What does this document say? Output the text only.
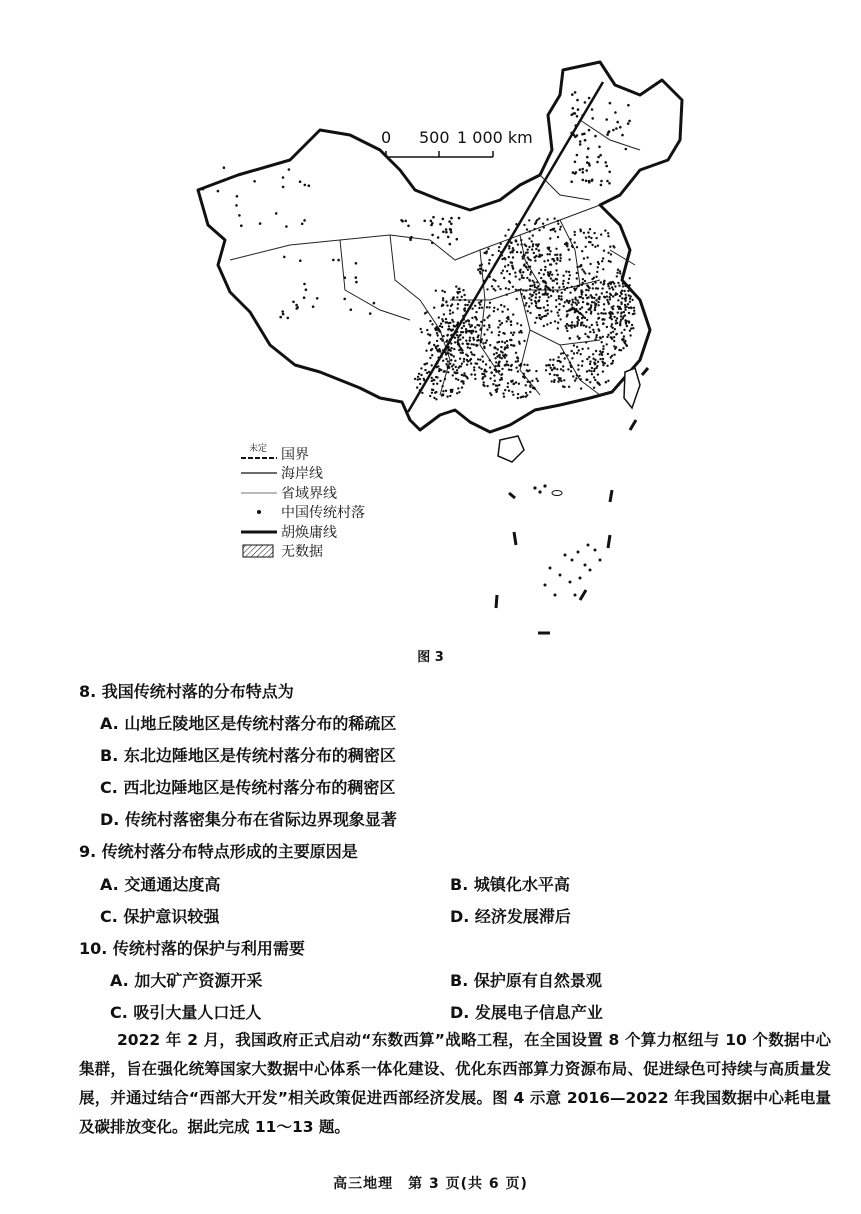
0 500 1 000 km
未定 国界
海岸线
省域界线
中国传统村落
胡焕庸线
无数据
图 3
8. 我国传统村落的分布特点为
A. 山地丘陵地区是传统村落分布的稀疏区
B. 东北边陲地区是传统村落分布的稠密区
C. 西北边陲地区是传统村落分布的稠密区
D. 传统村落密集分布在省际边界现象显著
9. 传统村落分布特点形成的主要原因是
A. 交通通达度高	B. 城镇化水平高
C. 保护意识较强	D. 经济发展滞后
10. 传统村落的保护与利用需要
A. 加大矿产资源开采	B. 保护原有自然景观
C. 吸引大量人口迁人	D. 发展电子信息产业
2022 年 2 月，我国政府正式启动“东数西算”战略工程，在全国设置 8 个算力枢纽与 10 个数据中心集群，旨在强化统筹国家大数据中心体系一体化建设、优化东西部算力资源布局、促进绿色可持续与高质量发展，并通过结合“西部大开发”相关政策促进西部经济发展。图 4 示意 2016—2022 年我国数据中心耗电量及碳排放变化。据此完成 11～13 题。
高三地理　第 3 页(共 6 页)
